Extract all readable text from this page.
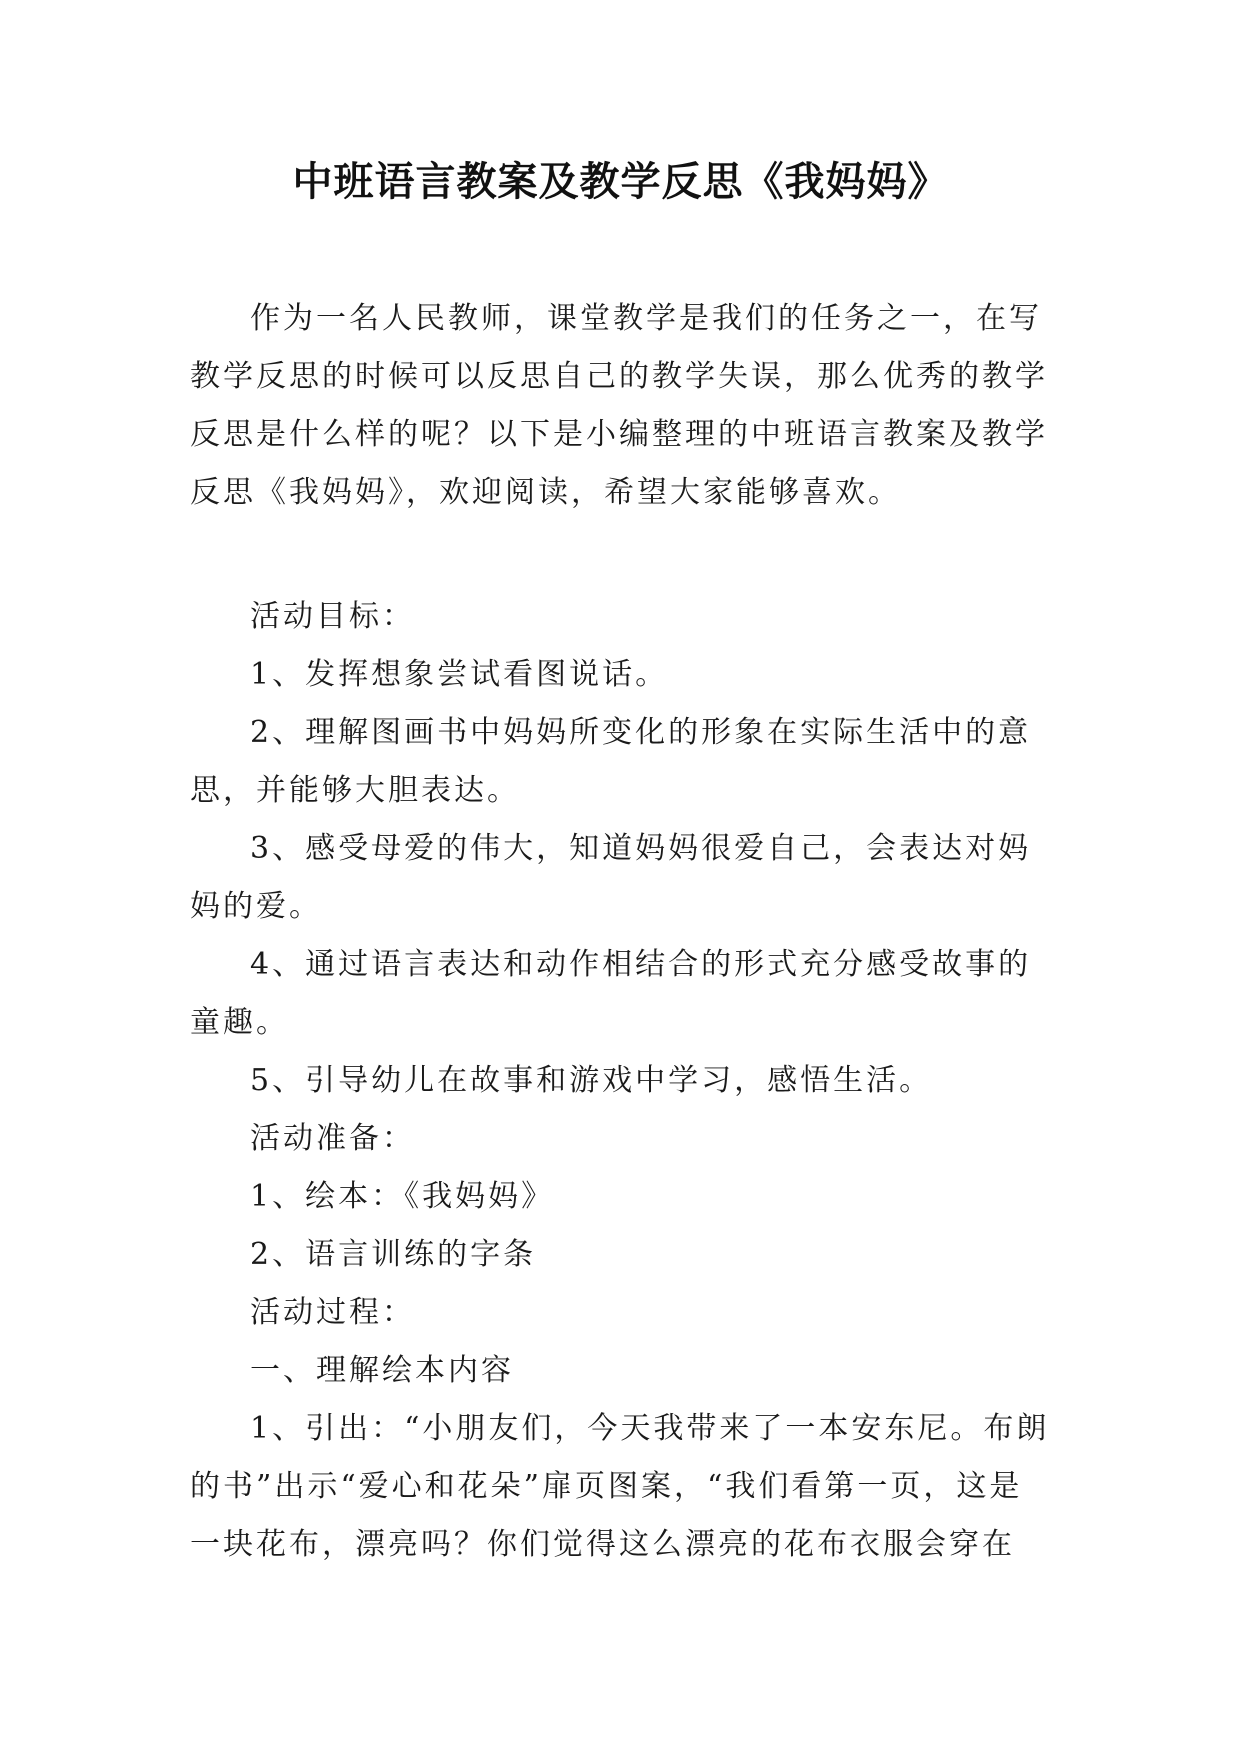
中班语言教案及教学反思《我妈妈》

作为一名人民教师，课堂教学是我们的任务之一，在写教学反思的时候可以反思自己的教学失误，那么优秀的教学反思是什么样的呢？以下是小编整理的中班语言教案及教学反思《我妈妈》，欢迎阅读，希望大家能够喜欢。

活动目标：

1、发挥想象尝试看图说话。

2、理解图画书中妈妈所变化的形象在实际生活中的意思，并能够大胆表达。

3、感受母爱的伟大，知道妈妈很爱自己，会表达对妈妈的爱。

4、通过语言表达和动作相结合的形式充分感受故事的童趣。

5、引导幼儿在故事和游戏中学习，感悟生活。

活动准备：

1、绘本：《我妈妈》

2、语言训练的字条

活动过程：

一、理解绘本内容

1、引出：“小朋友们，今天我带来了一本安东尼。布朗的书”出示“爱心和花朵”扉页图案，“我们看第一页，这是一块花布，漂亮吗？你们觉得这么漂亮的花布衣服会穿在
